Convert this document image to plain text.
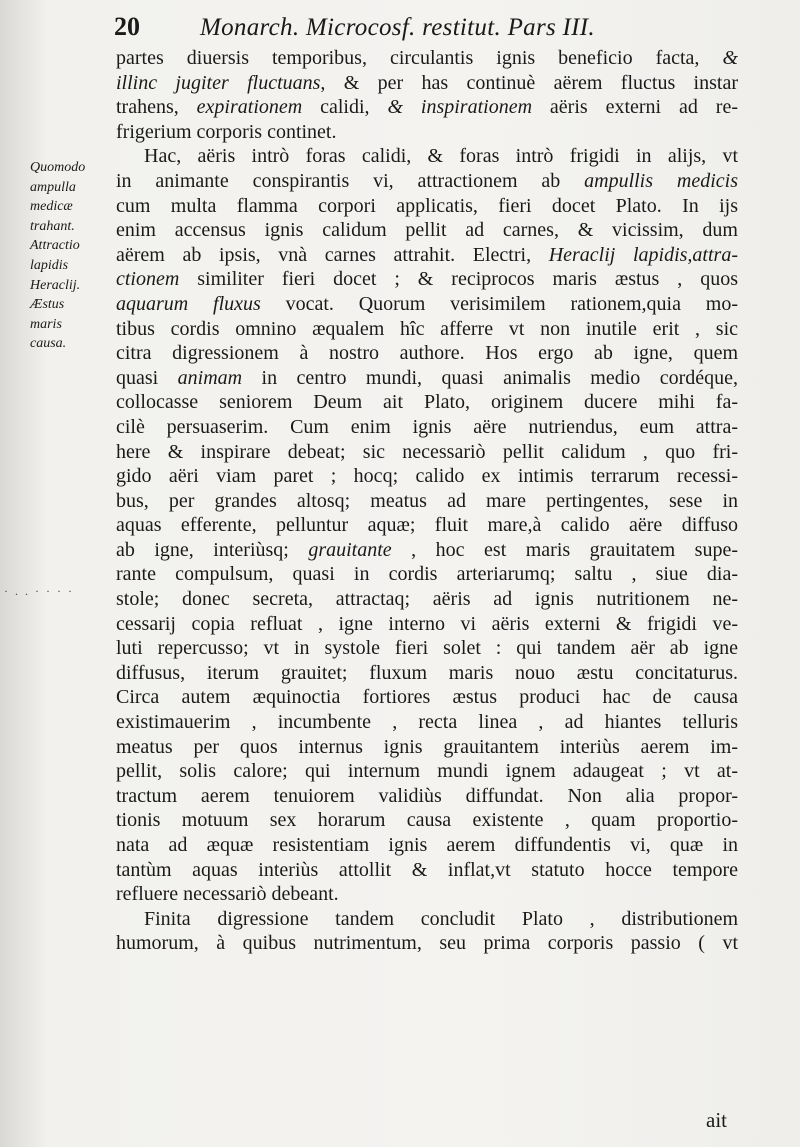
20	Monarch. Microcosf. restitut. Pars III.
Quomodo
ampulla
medicæ
trahant.
Attractio
lapidis
Heraclij.
Æstus
maris
causa.
· . . · · · ·
partes diuersis temporibus, circulantis ignis beneficio facta, &
illinc jugiter fluctuans, & per has continuè aërem fluctus instar
trahens, expirationem calidi, & inspirationem aëris externi ad re-
frigerium corporis continet.
Hac, aëris intrò foras calidi, & foras intrò frigidi in alijs, vt
in animante conspirantis vi, attractionem ab ampullis medicis
cum multa flamma corpori applicatis, fieri docet Plato. In ijs
enim accensus ignis calidum pellit ad carnes, & vicissim, dum
aërem ab ipsis, vnà carnes attrahit. Electri, Heraclij lapidis,attra-
ctionem similiter fieri docet ; & reciprocos maris æstus , quos
aquarum fluxus vocat. Quorum verisimilem rationem,quia mo-
tibus cordis omnino æqualem hîc afferre vt non inutile erit , sic
citra digressionem à nostro authore. Hos ergo ab igne, quem
quasi animam in centro mundi, quasi animalis medio cordéque,
collocasse seniorem Deum ait Plato, originem ducere mihi fa-
cilè persuaserim. Cum enim ignis aëre nutriendus, eum attra-
here & inspirare debeat; sic necessariò pellit calidum , quo fri-
gido aëri viam paret ; hocq; calido ex intimis terrarum recessi-
bus, per grandes altosq; meatus ad mare pertingentes, sese in
aquas efferente, pelluntur aquæ; fluit mare,à calido aëre diffuso
ab igne, interiùsq; grauitante , hoc est maris grauitatem supe-
rante compulsum, quasi in cordis arteriarumq; saltu , siue dia-
stole; donec secreta, attractaq; aëris ad ignis nutritionem ne-
cessarij copia refluat , igne interno vi aëris externi & frigidi ve-
luti repercusso; vt in systole fieri solet : qui tandem aër ab igne
diffusus, iterum grauitet; fluxum maris nouo æstu concitaturus.
Circa autem æquinoctia fortiores æstus produci hac de causa
existimauerim , incumbente , recta linea , ad hiantes telluris
meatus per quos internus ignis grauitantem interiùs aerem im-
pellit, solis calore; qui internum mundi ignem adaugeat ; vt at-
tractum aerem tenuiorem validiùs diffundat. Non alia propor-
tionis motuum sex horarum causa existente , quam proportio-
nata ad æquæ resistentiam ignis aerem diffundentis vi, quæ in
tantùm aquas interiùs attollit & inflat,vt statuto hocce tempore
refluere necessariò debeant.
Finita digressione tandem concludit Plato , distributionem
humorum, à quibus nutrimentum, seu prima corporis passio ( vt
ait
